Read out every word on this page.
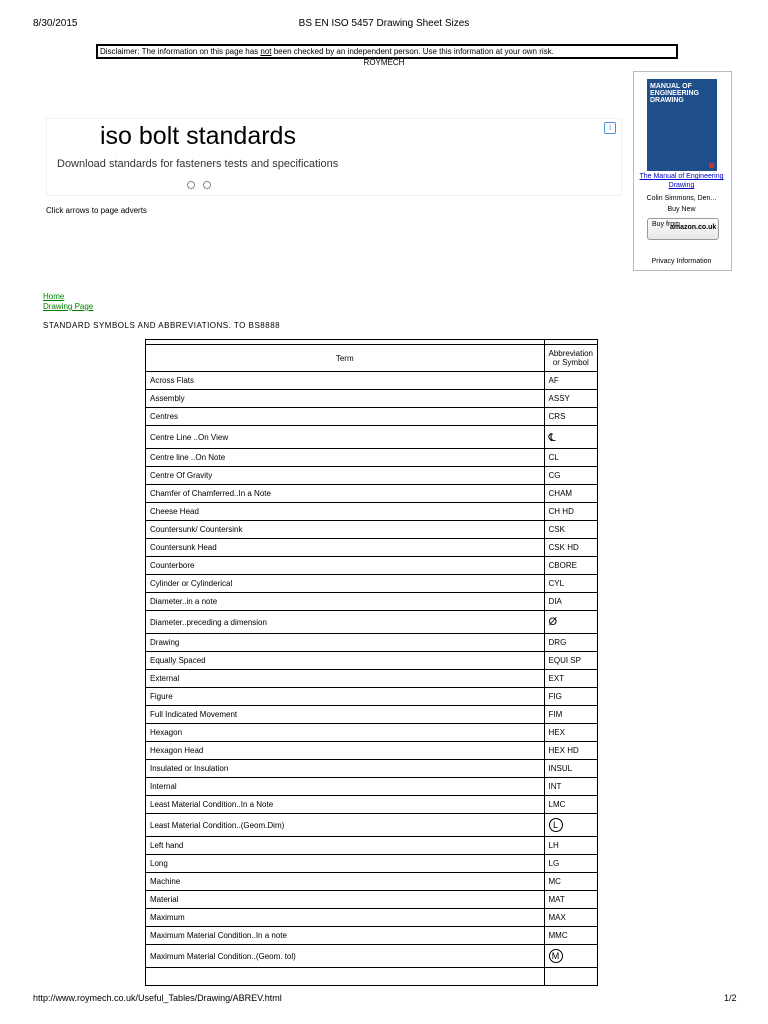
8/30/2015	BS EN ISO 5457 Drawing Sheet Sizes
Disclaimer: The information on this page has not been checked by an independent person. Use this information at your own risk.
ROYMECH
iso bolt standards
Download standards for fasteners tests and specifications
i
Click arrows to page adverts
MANUAL OF ENGINEERING DRAWING
The Manual of Engineering Drawing
Colin Simmons, Den...
Buy New
Buy from
amazon.co.uk
Privacy Information
Home
Drawing Page
STANDARD SYMBOLS AND ABBREVIATIONS. TO BS8888

Term	Abbreviation or Symbol
Across Flats	AF
Assembly	ASSY
Centres	CRS
Centre Line ..On View	℄
Centre line ..On Note	CL
Centre Of Gravity	CG
Chamfer of Chamferred..In a Note	CHAM
Cheese Head	CH HD
Countersunk/ Countersink	CSK
Countersunk Head	CSK HD
Counterbore	CBORE
Cylinder or Cylinderical	CYL
Diameter..in a note	DIA
Diameter..preceding a dimension	Ø
Drawing	DRG
Equally Spaced	EQUI SP
External	EXT
Figure	FIG
Full Indicated Movement	FIM
Hexagon	HEX
Hexagon Head	HEX HD
Insulated or Insulation	INSUL
Internal	INT
Least Material Condition..In a Note	LMC
Least Material Condition..(Geom.Dim)	L
Left hand	LH
Long	LG
Machine	MC
Material	MAT
Maximum	MAX
Maximum Material Condition..In a note	MMC
Maximum Material Condition..(Geom. tol)	M

http://www.roymech.co.uk/Useful_Tables/Drawing/ABREV.html	1/2
